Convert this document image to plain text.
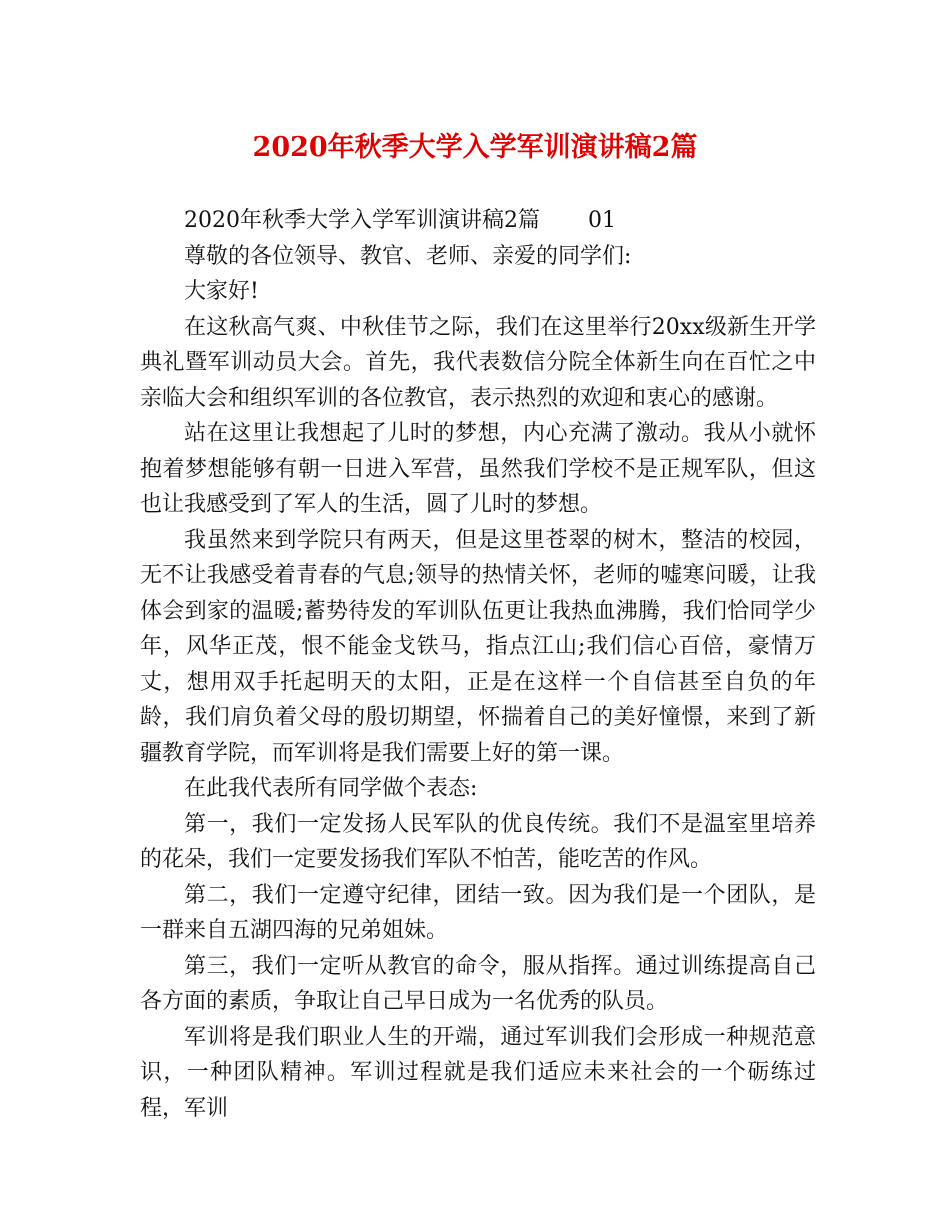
2020年秋季大学入学军训演讲稿2篇

2020年秋季大学入学军训演讲稿2篇 01

尊敬的各位领导、教官、老师、亲爱的同学们:

大家好!

在这秋高气爽、中秋佳节之际，我们在这里举行20xx级新生开学典礼暨军训动员大会。首先，我代表数信分院全体新生向在百忙之中亲临大会和组织军训的各位教官，表示热烈的欢迎和衷心的感谢。

站在这里让我想起了儿时的梦想，内心充满了激动。我从小就怀抱着梦想能够有朝一日进入军营，虽然我们学校不是正规军队，但这也让我感受到了军人的生活，圆了儿时的梦想。

我虽然来到学院只有两天，但是这里苍翠的树木，整洁的校园，无不让我感受着青春的气息;领导的热情关怀，老师的嘘寒问暖，让我体会到家的温暖;蓄势待发的军训队伍更让我热血沸腾，我们恰同学少年，风华正茂，恨不能金戈铁马，指点江山;我们信心百倍，豪情万丈，想用双手托起明天的太阳，正是在这样一个自信甚至自负的年龄，我们肩负着父母的殷切期望，怀揣着自己的美好憧憬，来到了新疆教育学院，而军训将是我们需要上好的第一课。

在此我代表所有同学做个表态:

第一，我们一定发扬人民军队的优良传统。我们不是温室里培养的花朵，我们一定要发扬我们军队不怕苦，能吃苦的作风。

第二，我们一定遵守纪律，团结一致。因为我们是一个团队，是一群来自五湖四海的兄弟姐妹。

第三，我们一定听从教官的命令，服从指挥。通过训练提高自己各方面的素质，争取让自己早日成为一名优秀的队员。

军训将是我们职业人生的开端，通过军训我们会形成一种规范意识，一种团队精神。军训过程就是我们适应未来社会的一个砺练过程，军训
